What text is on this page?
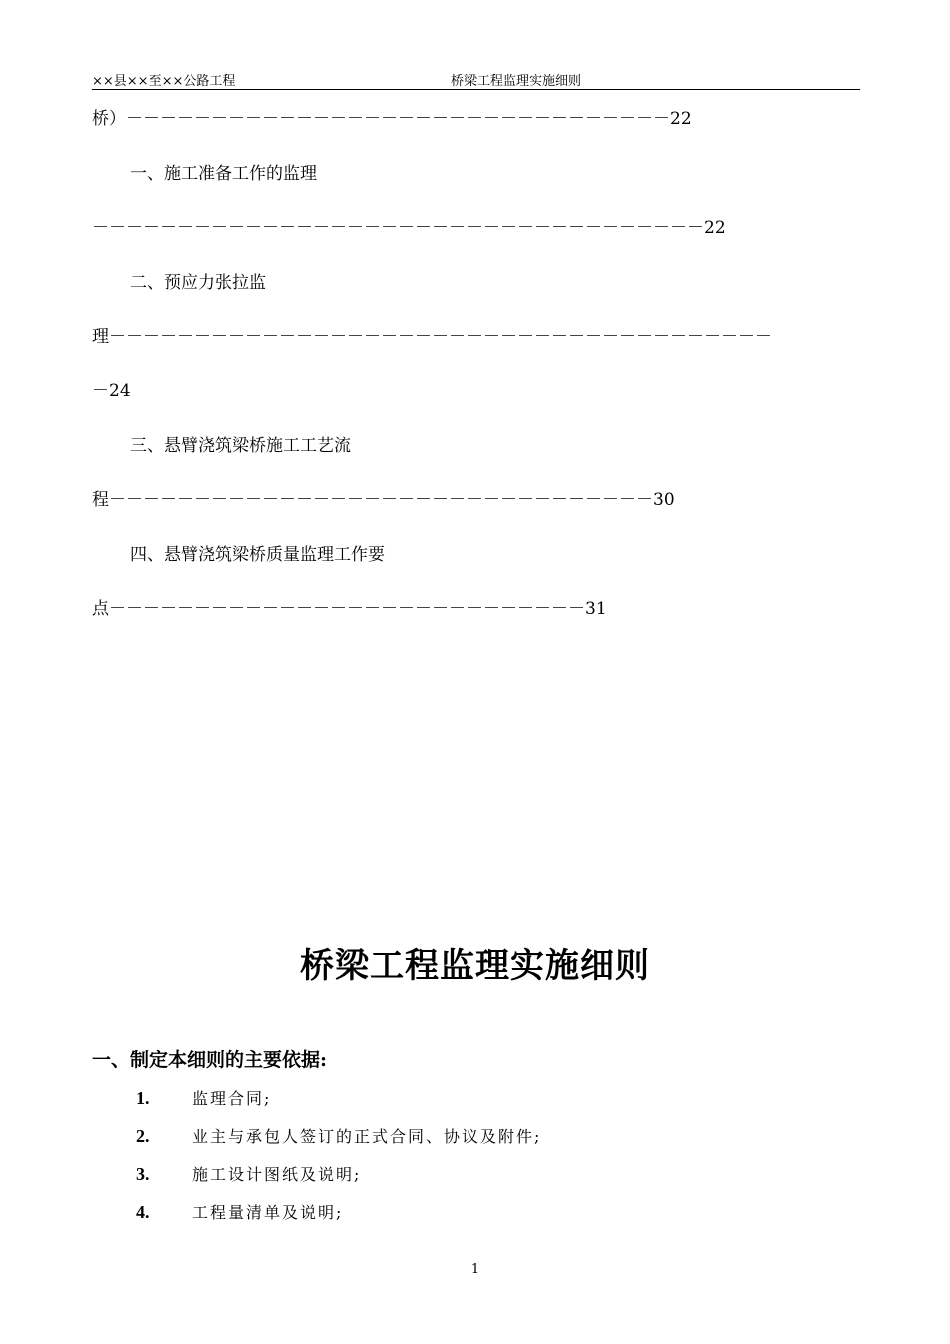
××县××至××公路工程	桥梁工程监理实施细则
桥）－－－－－－－－－－－－－－－－－－－－－－－－－－－－－－－－22
一、施工准备工作的监理
－－－－－－－－－－－－－－－－－－－－－－－－－－－－－－－－－－－－22
二、预应力张拉监
理－－－－－－－－－－－－－－－－－－－－－－－－－－－－－－－－－－－－－－－
－24
三、悬臂浇筑梁桥施工工艺流
程－－－－－－－－－－－－－－－－－－－－－－－－－－－－－－－－30
四、悬臂浇筑梁桥质量监理工作要
点－－－－－－－－－－－－－－－－－－－－－－－－－－－－31
桥梁工程监理实施细则
一、制定本细则的主要依据:
1.	监理合同;
2.	业主与承包人签订的正式合同、协议及附件;
3.	施工设计图纸及说明;
4.	工程量清单及说明;
1
